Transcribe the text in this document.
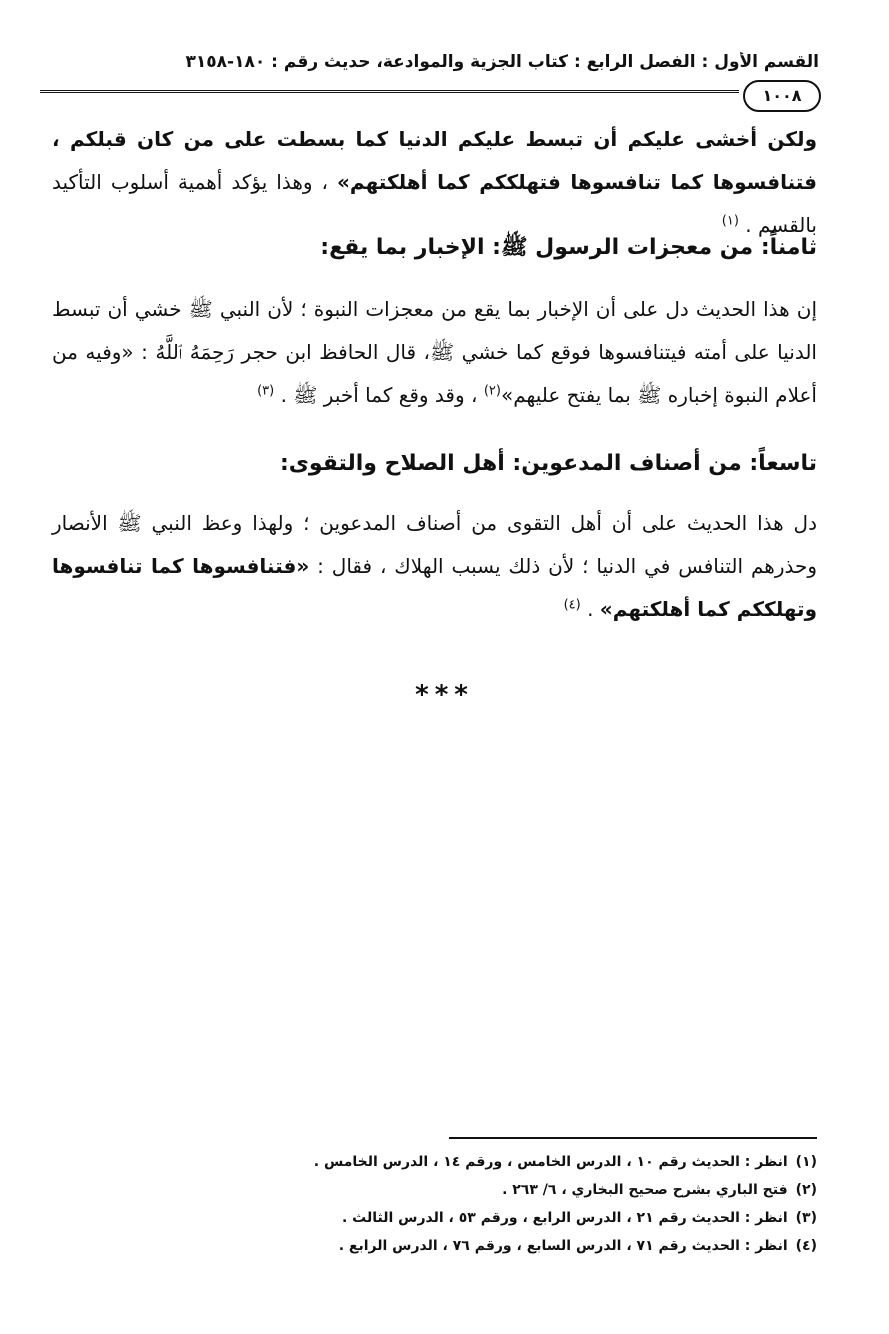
القسم الأول : الفصل الرابع : كتاب الجزية والموادعة، حديث رقم : ١٨٠-٣١٥٨
١٠٠٨

ولكن أخشى عليكم أن تبسط عليكم الدنيا كما بسطت على من كان قبلكم ، فتنافسوها كما تنافسوها فتهلككم كما أهلكتهم» ، وهذا يؤكد أهمية أسلوب التأكيد بالقسم . $^{(١)}$

ثامناً: من معجزات الرسول ﷺ: الإخبار بما يقع:

إن هذا الحديث دل على أن الإخبار بما يقع من معجزات النبوة ؛ لأن النبي ﷺ خشي أن تبسط الدنيا على أمته فيتنافسوها فوقع كما خشي ﷺ، قال الحافظ ابن حجر رَحِمَهُ ٱللَّهُ : «وفيه من أعلام النبوة إخباره ﷺ بما يفتح عليهم»$^{(٢)}$ ، وقد وقع كما أخبر ﷺ . $^{(٣)}$

تاسعاً: من أصناف المدعوين: أهل الصلاح والتقوى:

دل هذا الحديث على أن أهل التقوى من أصناف المدعوين ؛ ولهذا وعظ النبي ﷺ الأنصار وحذرهم التنافس في الدنيا ؛ لأن ذلك يسبب الهلاك ، فقال : «فتنافسوها كما تنافسوها وتهلككم كما أهلكتهم» . $^{(٤)}$

***
(١)انظر : الحديث رقم ١٠ ، الدرس الخامس ، ورقم ١٤ ، الدرس الخامس .
(٢)فتح الباري بشرح صحيح البخاري ، ٦/ ٢٦٣ .
(٣)انظر : الحديث رقم ٢١ ، الدرس الرابع ، ورقم ٥٣ ، الدرس الثالث .
(٤)انظر : الحديث رقم ٧١ ، الدرس السابع ، ورقم ٧٦ ، الدرس الرابع .
